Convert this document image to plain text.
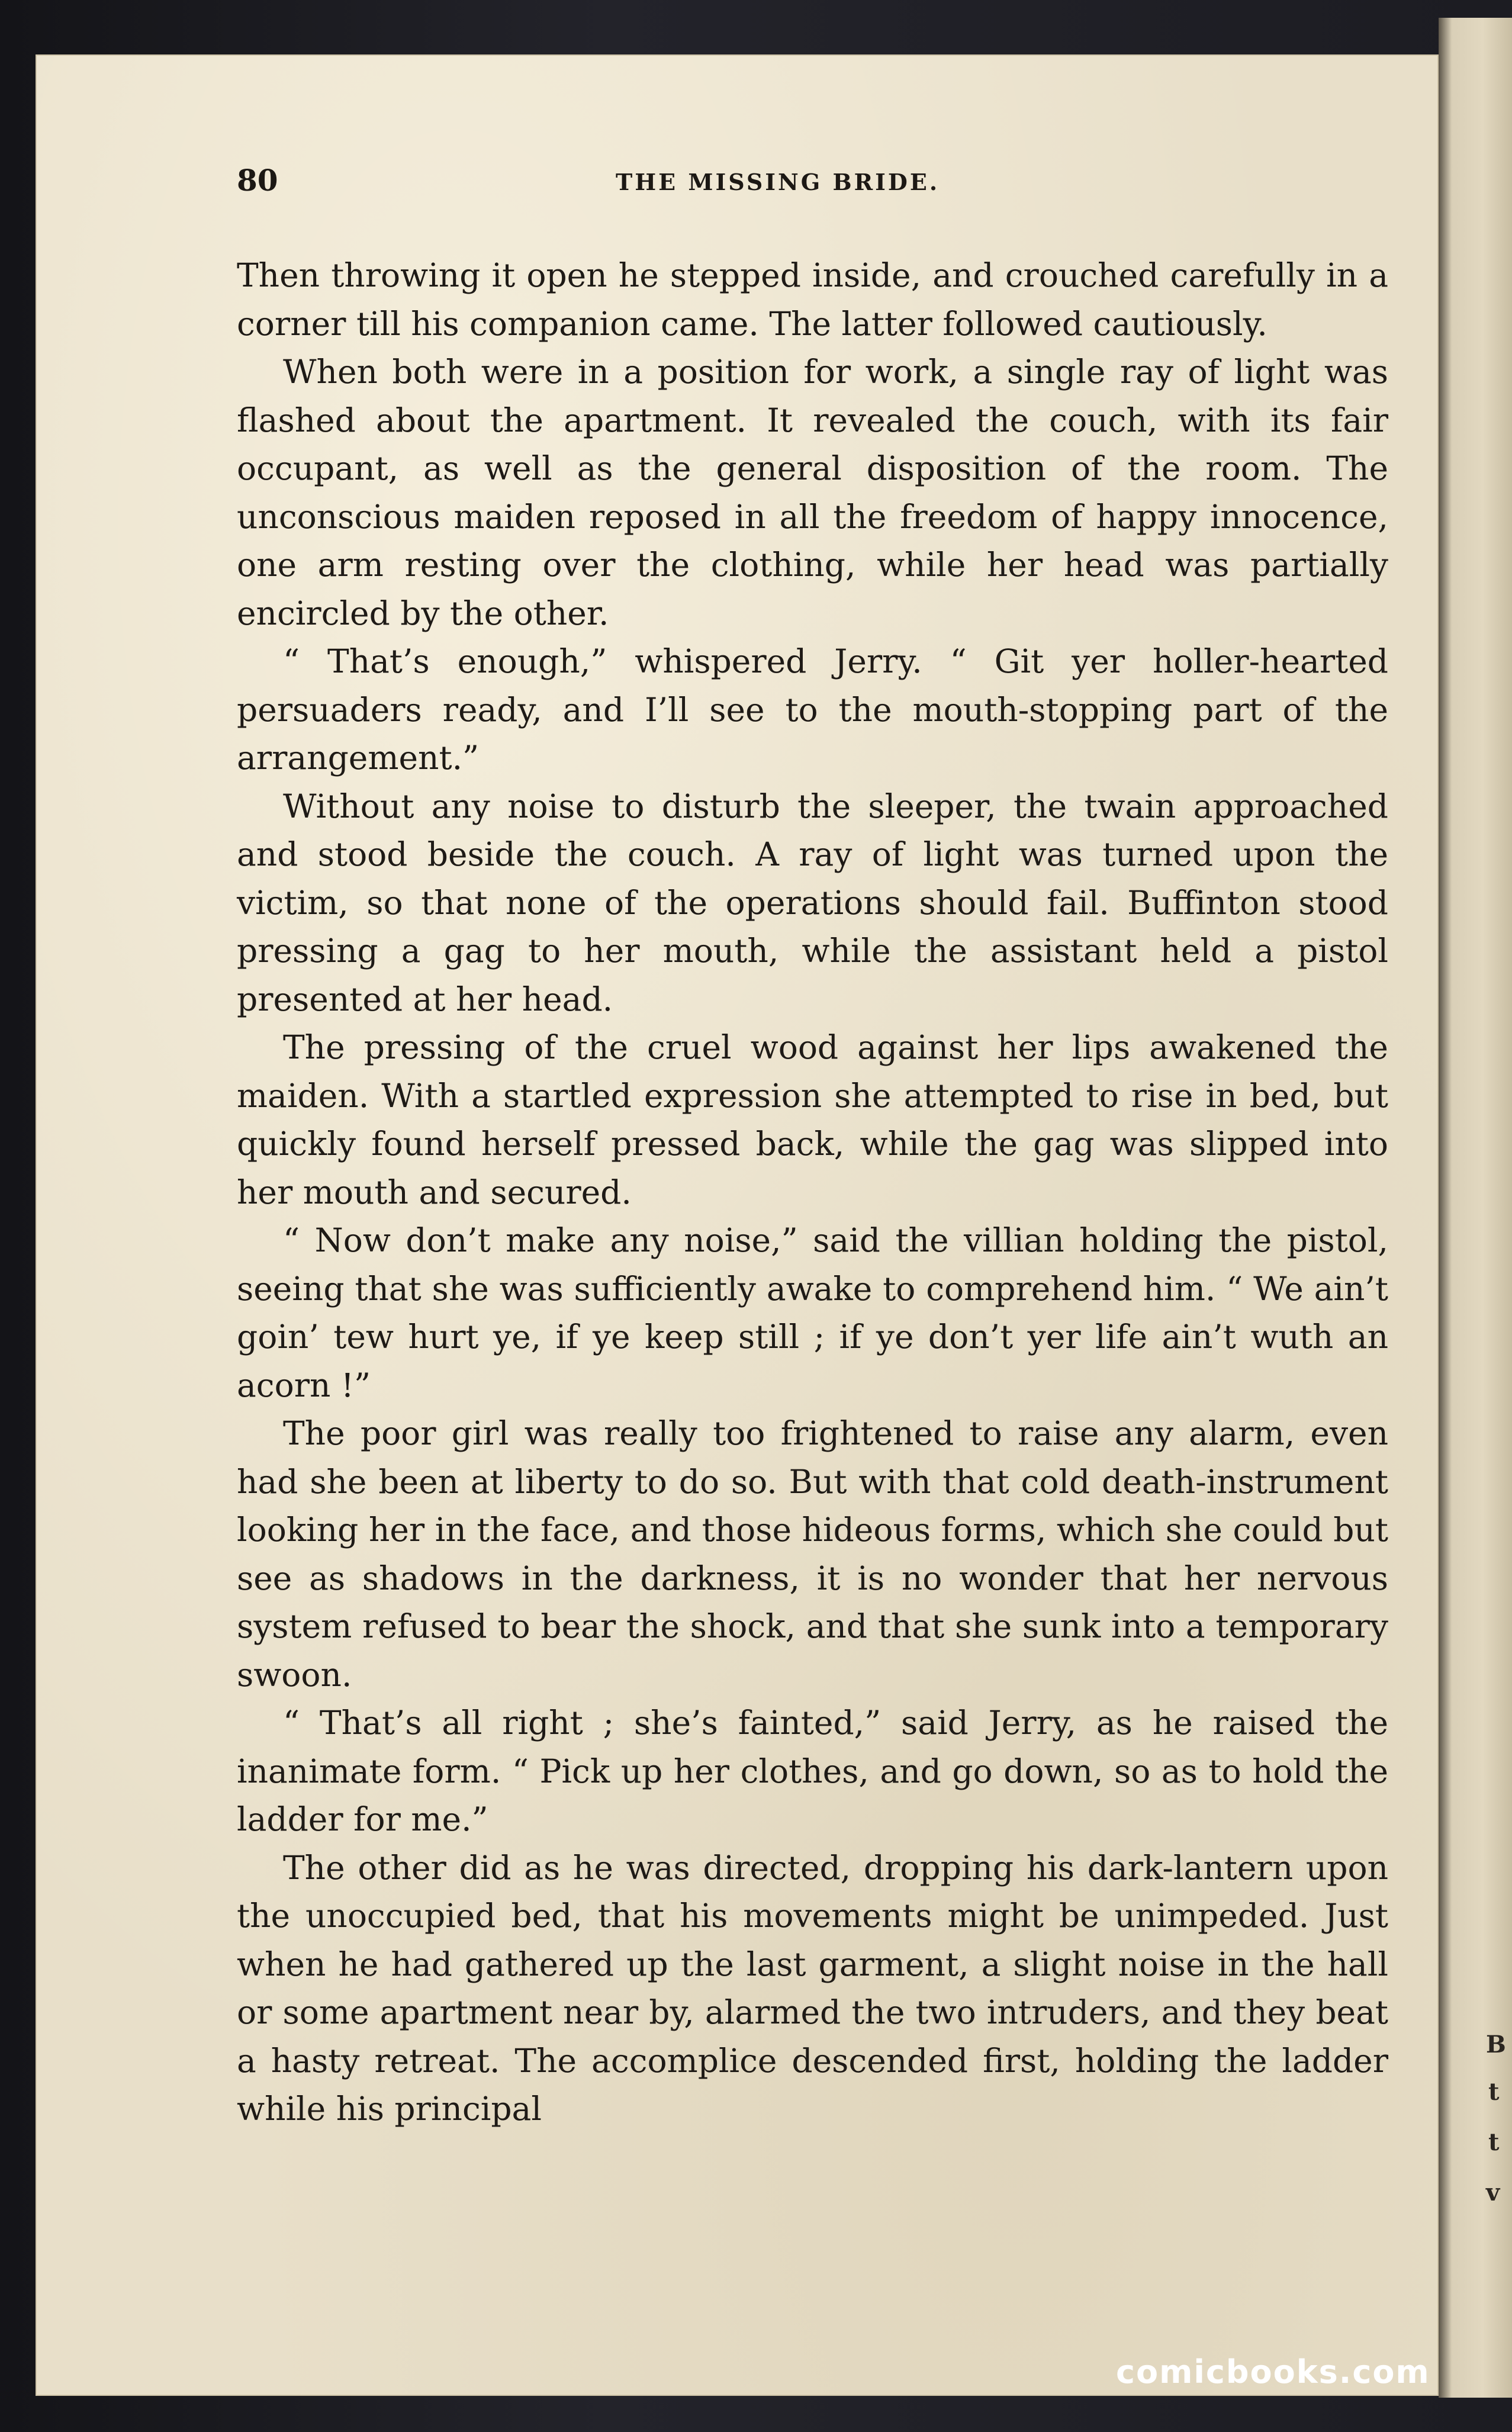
B
t
t
v
80	THE MISSING BRIDE.

Then throwing it open he stepped inside, and crouched carefully in a corner till his companion came. The latter followed cautiously.

When both were in a position for work, a single ray of light was flashed about the apartment. It revealed the couch, with its fair occupant, as well as the general disposition of the room. The unconscious maiden reposed in all the freedom of happy innocence, one arm resting over the clothing, while her head was partially encircled by the other.

“ That’s enough,” whispered Jerry. “ Git yer holler-hearted persuaders ready, and I’ll see to the mouth-stopping part of the arrangement.”

Without any noise to disturb the sleeper, the twain approached and stood beside the couch. A ray of light was turned upon the victim, so that none of the operations should fail. Buffinton stood pressing a gag to her mouth, while the assistant held a pistol presented at her head.

The pressing of the cruel wood against her lips awakened the maiden. With a startled expression she attempted to rise in bed, but quickly found herself pressed back, while the gag was slipped into her mouth and secured.

“ Now don’t make any noise,” said the villian holding the pistol, seeing that she was sufficiently awake to comprehend him. “ We ain’t goin’ tew hurt ye, if ye keep still ; if ye don’t yer life ain’t wuth an acorn !”

The poor girl was really too frightened to raise any alarm, even had she been at liberty to do so. But with that cold death-instrument looking her in the face, and those hideous forms, which she could but see as shadows in the darkness, it is no wonder that her nervous system refused to bear the shock, and that she sunk into a temporary swoon.

“ That’s all right ; she’s fainted,” said Jerry, as he raised the inanimate form. “ Pick up her clothes, and go down, so as to hold the ladder for me.”

The other did as he was directed, dropping his dark-lantern upon the unoccupied bed, that his movements might be unimpeded. Just when he had gathered up the last garment, a slight noise in the hall or some apartment near by, alarmed the two intruders, and they beat a hasty retreat. The accomplice descended first, holding the ladder while his principal

comicbooks.com
